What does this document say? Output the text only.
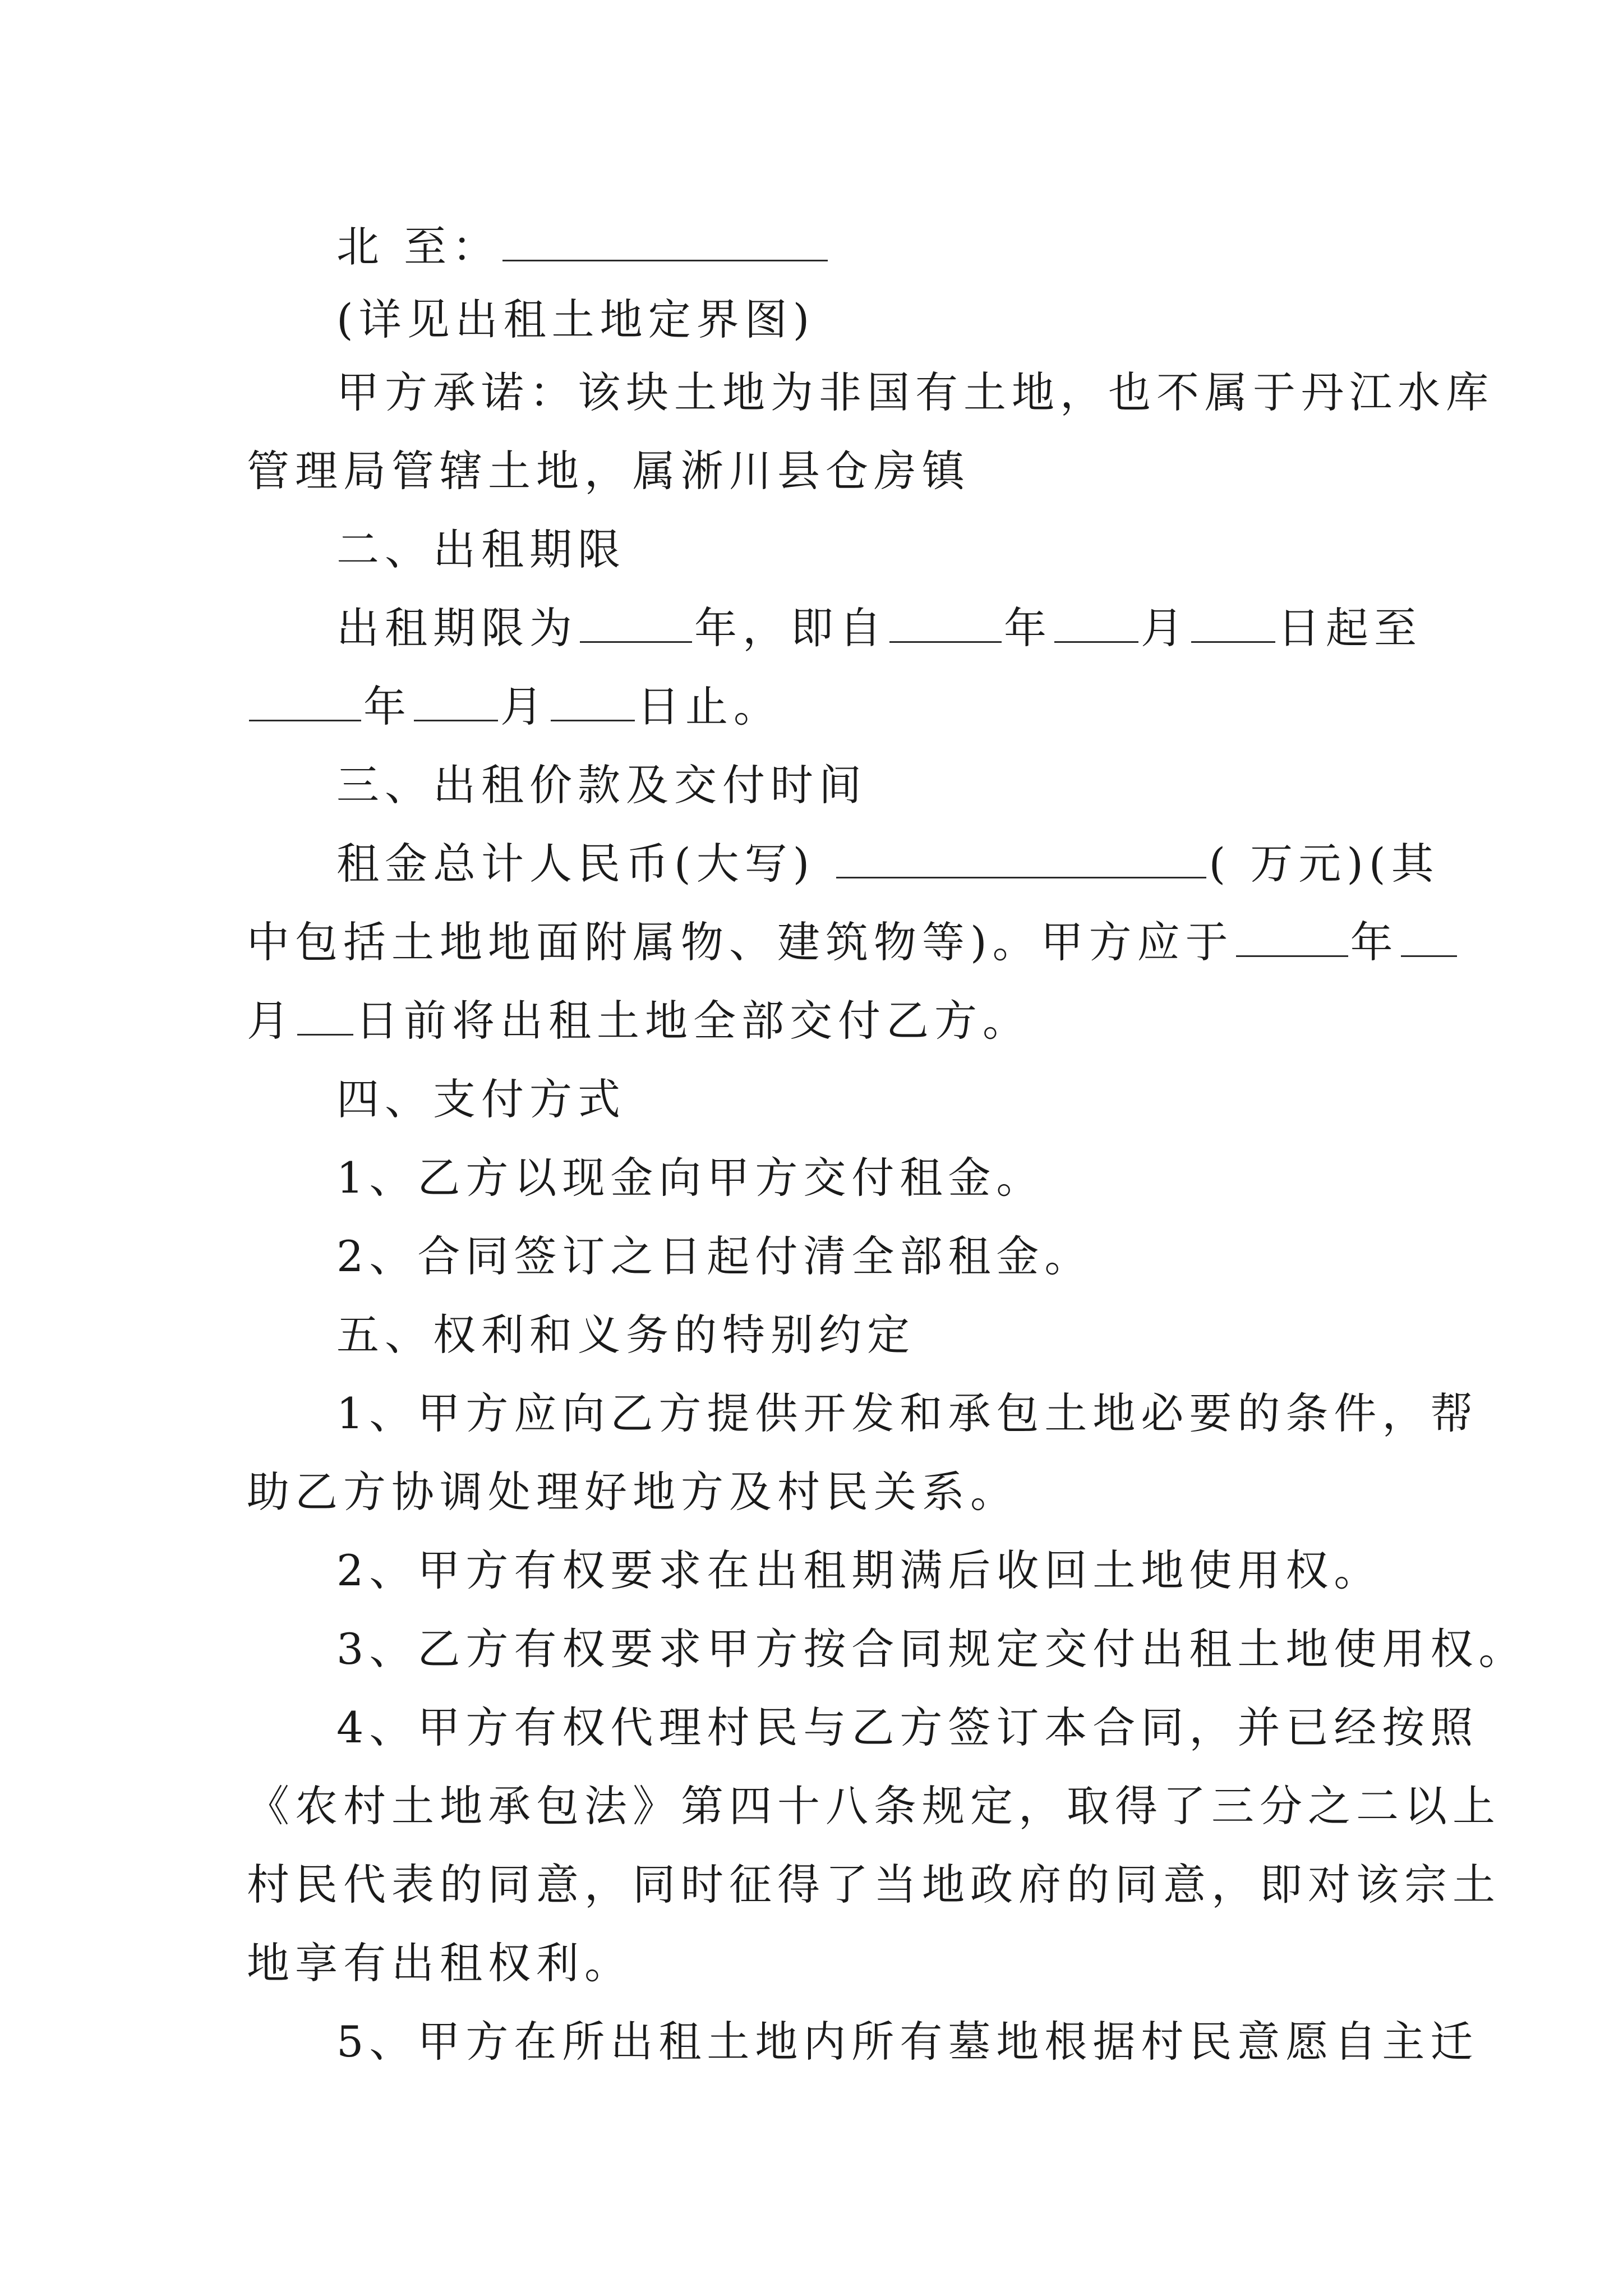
北 至：
(详见出租土地定界图)
甲方承诺：该块土地为非国有土地，也不属于丹江水库
管理局管辖土地，属淅川县仓房镇
二、出租期限
出租期限为	年，即自	年 月 日起至
年 月 日止。
三、出租价款及交付时间
租金总计人民币(大写)	( 万元)(其
中包括土地地面附属物、建筑物等)。甲方应于	年
月 日前将出租土地全部交付乙方。
四、支付方式
1、乙方以现金向甲方交付租金。
2、合同签订之日起付清全部租金。
五、权利和义务的特别约定
1、甲方应向乙方提供开发和承包土地必要的条件，帮
助乙方协调处理好地方及村民关系。
2、甲方有权要求在出租期满后收回土地使用权。
3、乙方有权要求甲方按合同规定交付出租土地使用权。
4、甲方有权代理村民与乙方签订本合同，并已经按照
《农村土地承包法》第四十八条规定，取得了三分之二以上
村民代表的同意，同时征得了当地政府的同意，即对该宗土
地享有出租权利。
5、甲方在所出租土地内所有墓地根据村民意愿自主迁
